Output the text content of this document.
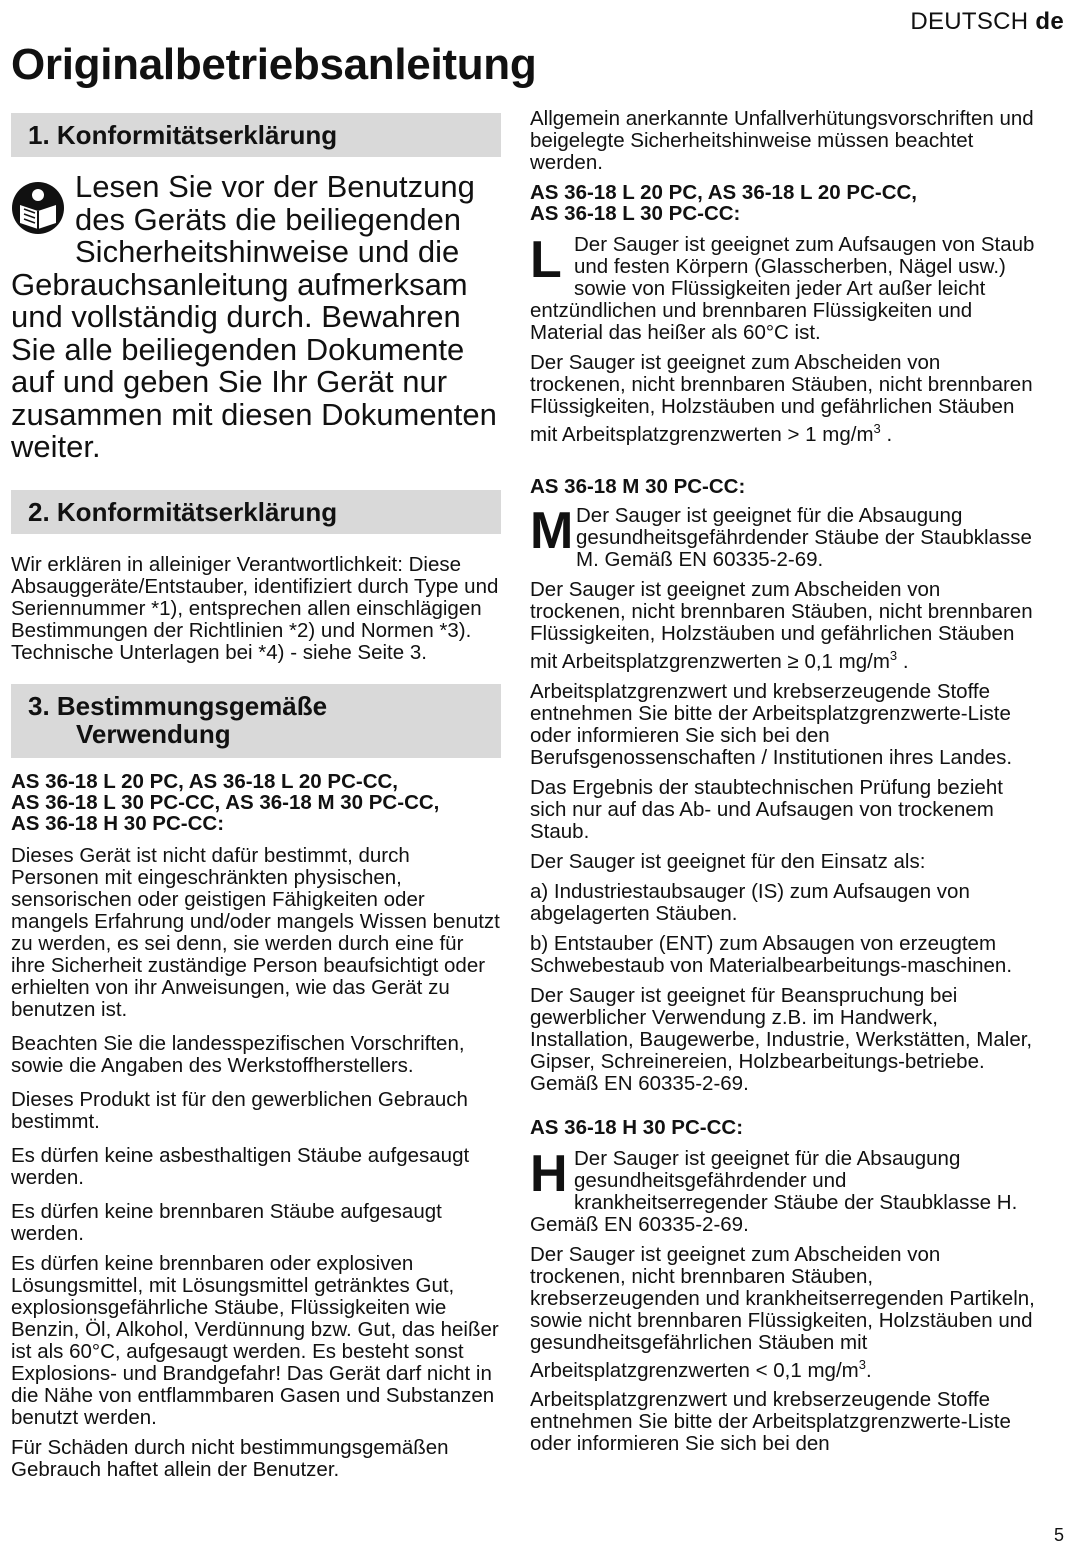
DEUTSCH de
Originalbetriebsanleitung
1. Konformitätserklärung
Lesen Sie vor der Benutzung des Geräts die beiliegenden Sicherheitshinweise und die Gebrauchsanleitung aufmerksam und vollständig durch. Bewahren Sie alle beiliegenden Dokumente auf und geben Sie Ihr Gerät nur zusammen mit diesen Dokumenten weiter.
2. Konformitätserklärung

Wir erklären in alleiniger Verantwortlichkeit: Diese Absauggeräte/Entstauber, identifiziert durch Type und Seriennummer *1), entsprechen allen einschlägigen Bestimmungen der Richtlinien *2) und Normen *3). Technische Unterlagen bei *4) - siehe Seite 3.

3. Bestimmungsgemäße
Verwendung
AS 36-18 L 20 PC, AS 36-18 L 20 PC-CC,
AS 36-18 L 30 PC-CC, AS 36-18 M 30 PC-CC,
AS 36-18 H 30 PC-CC:

Dieses Gerät ist nicht dafür bestimmt, durch Personen mit eingeschränkten physischen, sensorischen oder geistigen Fähigkeiten oder mangels Erfahrung und/oder mangels Wissen benutzt zu werden, es sei denn, sie werden durch eine für ihre Sicherheit zuständige Person beaufsichtigt oder erhielten von ihr Anweisungen, wie das Gerät zu benutzen ist.

Beachten Sie die landesspezifischen Vorschriften, sowie die Angaben des Werkstoffherstellers.

Dieses Produkt ist für den gewerblichen Gebrauch bestimmt.

Es dürfen keine asbesthaltigen Stäube aufgesaugt werden.

Es dürfen keine brennbaren Stäube aufgesaugt werden.

Es dürfen keine brennbaren oder explosiven Lösungsmittel, mit Lösungsmittel getränktes Gut, explosionsgefährliche Stäube, Flüssigkeiten wie Benzin, Öl, Alkohol, Verdünnung bzw. Gut, das heißer ist als 60°C, aufgesaugt werden. Es besteht sonst Explosions- und Brandgefahr! Das Gerät darf nicht in die Nähe von entflammbaren Gasen und Substanzen benutzt werden.

Für Schäden durch nicht bestimmungsgemäßen Gebrauch haftet allein der Benutzer.

Allgemein anerkannte Unfallverhütungsvorschriften und beigelegte Sicherheitshinweise müssen beachtet werden.

AS 36-18 L 20 PC, AS 36-18 L 20 PC-CC,
AS 36-18 L 30 PC-CC:
L Der Sauger ist geeignet zum Aufsaugen von Staub und festen Körpern (Glasscherben, Nägel usw.) sowie von Flüssigkeiten jeder Art außer leicht entzündlichen und brennbaren Flüssigkeiten und Material das heißer als 60°C ist.

Der Sauger ist geeignet zum Abscheiden von trockenen, nicht brennbaren Stäuben, nicht brennbaren Flüssigkeiten, Holzstäuben und gefährlichen Stäuben mit Arbeitsplatzgrenzwerten > 1 $mg/m^3$ .

AS 36-18 M 30 PC-CC:
M Der Sauger ist geeignet für die Absaugung gesundheitsgefährdender Stäube der Staubklasse M. Gemäß EN 60335-2-69.

Der Sauger ist geeignet zum Abscheiden von trockenen, nicht brennbaren Stäuben, nicht brennbaren Flüssigkeiten, Holzstäuben und gefährlichen Stäuben mit Arbeitsplatzgrenzwerten ≥ 0,1 $mg/m^3$ .

Arbeitsplatzgrenzwert und krebserzeugende Stoffe entnehmen Sie bitte der Arbeitsplatzgrenzwerte-Liste oder informieren Sie sich bei den Berufsgenossenschaften / Institutionen ihres Landes.

Das Ergebnis der staubtechnischen Prüfung bezieht sich nur auf das Ab- und Aufsaugen von trockenem Staub.

Der Sauger ist geeignet für den Einsatz als:

a) Industriestaubsauger (IS) zum Aufsaugen von abgelagerten Stäuben.

b) Entstauber (ENT) zum Absaugen von erzeugtem Schwebestaub von Materialbearbeitungs-maschinen.

Der Sauger ist geeignet für Beanspruchung bei gewerblicher Verwendung z.B. im Handwerk, Installation, Baugewerbe, Industrie, Werkstätten, Maler, Gipser, Schreinereien, Holzbearbeitungs-betriebe. Gemäß EN 60335-2-69.

AS 36-18 H 30 PC-CC:
H Der Sauger ist geeignet für die Absaugung gesundheitsgefährdender und krankheitserregender Stäube der Staubklasse H. Gemäß EN 60335-2-69.

Der Sauger ist geeignet zum Abscheiden von trockenen, nicht brennbaren Stäuben, krebserzeugenden und krankheitserregenden Partikeln, sowie nicht brennbaren Flüssigkeiten, Holzstäuben und gesundheitsgefährlichen Stäuben mit Arbeitsplatzgrenzwerten < 0,1 $mg/m^3$.

Arbeitsplatzgrenzwert und krebserzeugende Stoffe entnehmen Sie bitte der Arbeitsplatzgrenzwerte-Liste oder informieren Sie sich bei den

5
